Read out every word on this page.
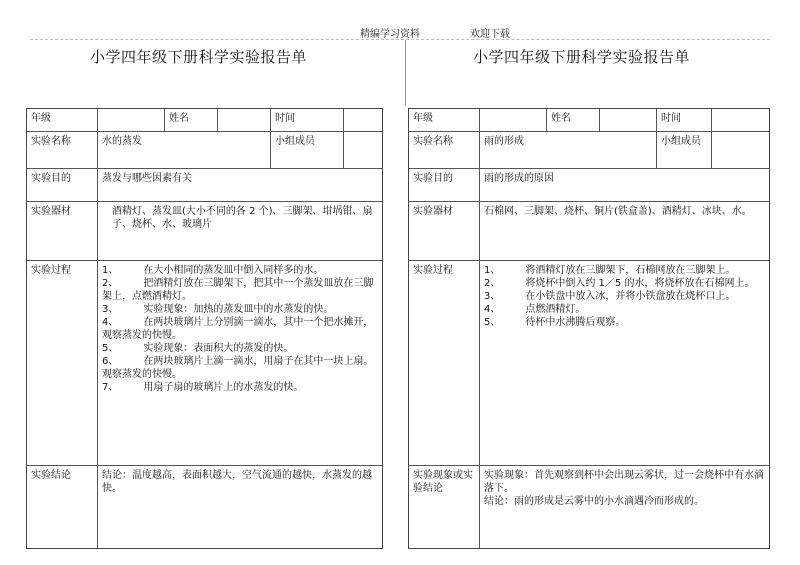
精编学习资料	欢迎下载
小学四年级下册科学实验报告单	小学四年级下册科学实验报告单
年级	姓名	时间
实验名称	水的蒸发	小组成员
实验目的	蒸发与哪些因素有关
实验器材	酒精灯、蒸发皿(大小不同的各 2 个)、三脚架、坩埚钳、扇子、烧杯、水、玻璃片
实验过程	1、　　　在大小相同的蒸发皿中倒入同样多的水。
2、　　　把酒精灯放在三脚架下，把其中一个蒸发皿放在三脚架上，点燃酒精灯。
3、　　　实验现象：加热的蒸发皿中的水蒸发的快。
4、　　　在两块玻璃片上分别滴一滴水，其中一个把水摊开，观察蒸发的快慢。
5、　　　实验现象：表面积大的蒸发的快。
6、　　　在两块玻璃片上滴一滴水，用扇子在其中一块上扇。观察蒸发的快慢。
7、　　　用扇子扇的玻璃片上的水蒸发的快。
实验结论	结论：温度越高，表面积越大，空气流通的越快，水蒸发的越快。
年级	姓名	时间
实验名称	雨的形成	小组成员
实验目的	雨的形成的原因
实验器材	石棉网、三脚架、烧杯、铜片(铁盒盖)、酒精灯、冰块、水。
实验过程	1、　　　将酒精灯放在三脚架下，石棉网放在三脚架上。
2、　　　将烧杯中倒入约 1／5 的水，将烧杯放在石棉网上。
3、　　　在小铁盘中放入冰，并将小铁盘放在烧杯口上。
4、　　　点燃酒精灯。
5、　　　待杯中水沸腾后观察。
实验现象或实验结论
实验现象：首先观察到杯中会出现云雾状，过一会烧杯中有水滴落下。
结论：雨的形成是云雾中的小水滴遇冷而形成的。
